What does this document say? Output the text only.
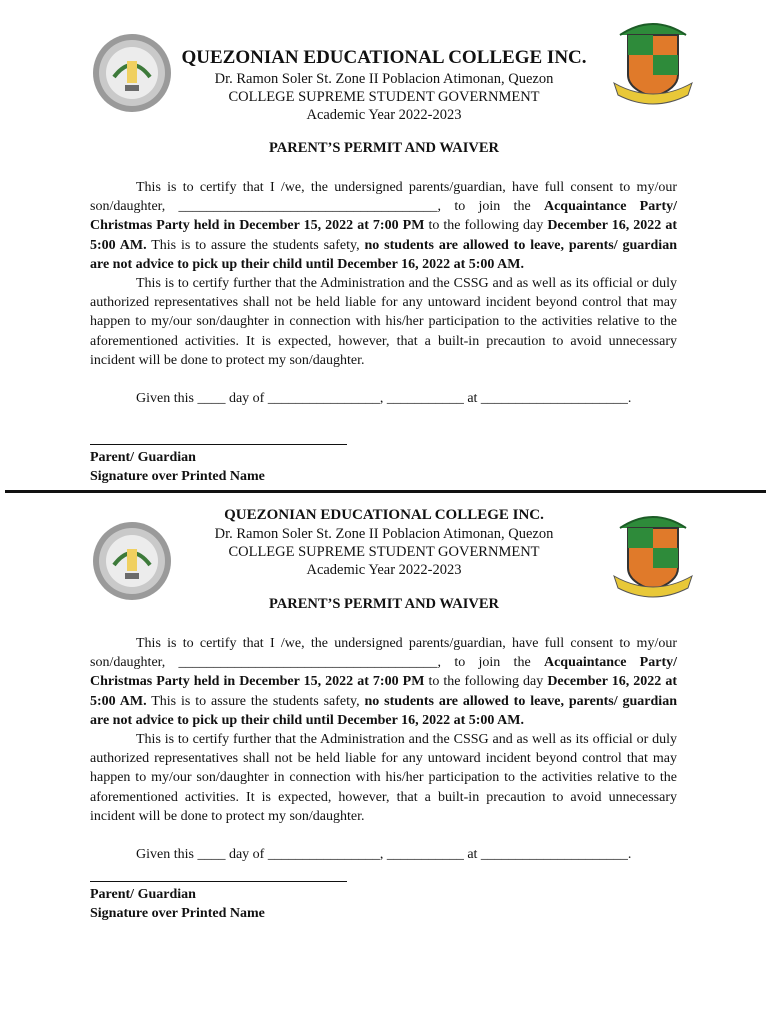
QUEZONIAN EDUCATIONAL COLLEGE INC.
Dr. Ramon Soler St. Zone II Poblacion Atimonan, Quezon
COLLEGE SUPREME STUDENT GOVERNMENT
Academic Year 2022-2023
PARENT’S PERMIT AND WAIVER

This is to certify that I /we, the undersigned parents/guardian, have full consent to my/our son/daughter, _____________________________________, to join the Acquaintance Party/ Christmas Party held in December 15, 2022 at 7:00 PM to the following day December 16, 2022 at 5:00 AM. This is to assure the students safety, no students are allowed to leave, parents/ guardian are not advice to pick up their child until December 16, 2022 at 5:00 AM.

This is to certify further that the Administration and the CSSG and as well as its official or duly authorized representatives shall not be held liable for any untoward incident beyond control that may happen to my/our son/daughter in connection with his/her participation to the activities relative to the aforementioned activities. It is expected, however, that a built-in precaution to avoid unnecessary incident will be done to protect my son/daughter.

Given this ____ day of ________________, ___________ at _____________________.
Parent/ Guardian
Signature over Printed Name
QUEZONIAN EDUCATIONAL COLLEGE INC.
Dr. Ramon Soler St. Zone II Poblacion Atimonan, Quezon
COLLEGE SUPREME STUDENT GOVERNMENT
Academic Year 2022-2023
PARENT’S PERMIT AND WAIVER

This is to certify that I /we, the undersigned parents/guardian, have full consent to my/our son/daughter, _____________________________________, to join the Acquaintance Party/ Christmas Party held in December 15, 2022 at 7:00 PM to the following day December 16, 2022 at 5:00 AM. This is to assure the students safety, no students are allowed to leave, parents/ guardian are not advice to pick up their child until December 16, 2022 at 5:00 AM.

This is to certify further that the Administration and the CSSG and as well as its official or duly authorized representatives shall not be held liable for any untoward incident beyond control that may happen to my/our son/daughter in connection with his/her participation to the activities relative to the aforementioned activities. It is expected, however, that a built-in precaution to avoid unnecessary incident will be done to protect my son/daughter.

Given this ____ day of ________________, ___________ at _____________________.
Parent/ Guardian
Signature over Printed Name
